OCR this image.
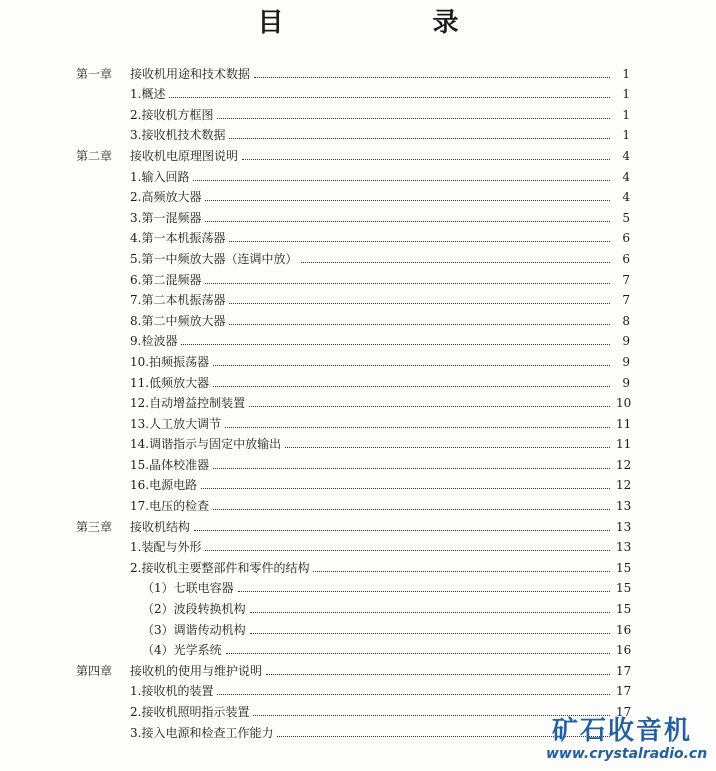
目 录
第一章 接收机用途和技术数据	1
1.概述	1
2.接收机方框图	1
3.接收机技术数据	1
第二章 接收机电原理图说明	4
1.输入回路	4
2.高频放大器	4
3.第一混频器	5
4.第一本机振荡器	6
5.第一中频放大器（连调中放）	6
6.第二混频器	7
7.第二本机振荡器	7
8.第二中频放大器	8
9.检波器	9
10.拍频振荡器	9
11.低频放大器	9
12.自动增益控制装置	10
13.人工放大调节	11
14.调谐指示与固定中放输出	11
15.晶体校准器	12
16.电源电路	12
17.电压的检查	13
第三章 接收机结构	13
1.装配与外形	13
2.接收机主要整部件和零件的结构	15
（1）七联电容器	15
（2）波段转换机构	15
（3）调谐传动机构	16
（4）光学系统	16
第四章 接收机的使用与维护说明	17
1.接收机的装置	17
2.接收机照明指示装置	17
3.接入电源和检查工作能力	矿石收音机
www.crystalradio.cn
